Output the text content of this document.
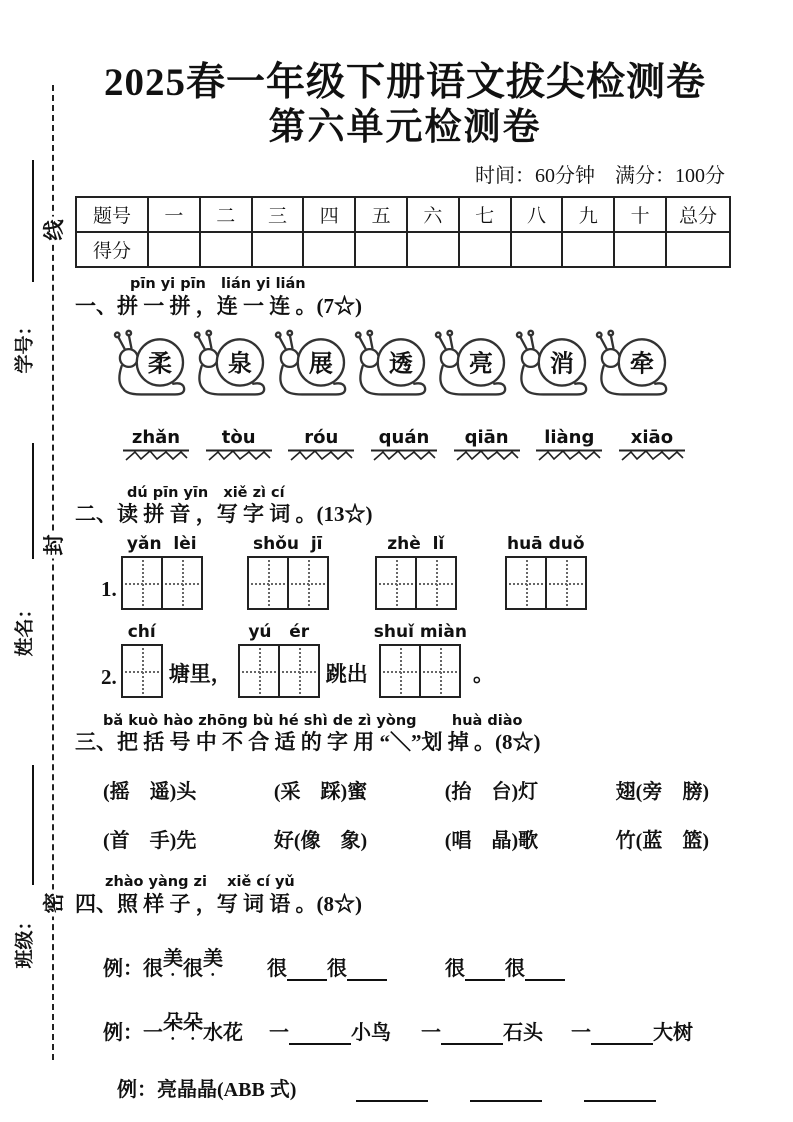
学号：
姓名：
班级：
线
封
密
2025春一年级下册语文拔尖检测卷
第六单元检测卷
时间：60分钟　满分：100分
题号	一	二	三	四	五	六	七	八	九	十	总分
得分											
pīn yi pīn   lián yi lián
一、拼 一 拼 ，连 一 连 。(7☆)
柔 泉 展 透 亮 消 牵
zhǎn tòu	róu quán qiān liàng xiāo
dú pīn yīn   xiě zì cí
二、读 拼 音 ，写 字 词 。(13☆)
1.
yǎn  lèi	shǒu  jī	zhè  lǐ	huā duǒ
2.
chí
塘里，
yú   ér
跳出
shuǐ miàn
。
bǎ kuò hào zhōng bù hé shì de zì yòng       huà diào
三、把 括 号 中 不 合 适 的 字 用 “＼”划 掉 。(8☆)
(摇　遥)头	(采　踩)蜜	(抬　台)灯	翅(旁　膀)
(首　手)先	好(像　象)	(唱　晶)歌	竹(蓝　篮)
zhào yàng zi    xiě cí yǔ
四、照 样 子 ，写 词 语 。(8☆)
例：很 美 很 美 很 很	很 很
例：一 朵朵 水花 一	小鸟 一	石头 一	大树
例：亮晶晶(ABB 式)
